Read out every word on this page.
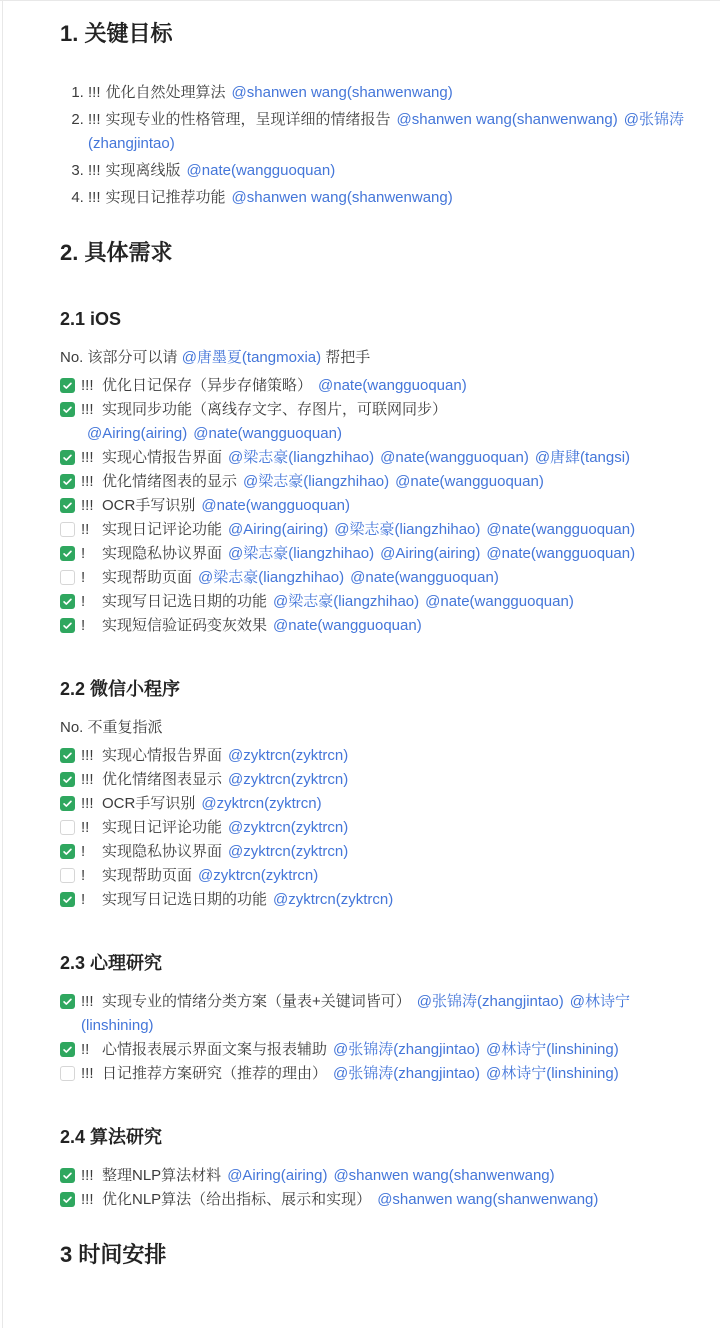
1. 关键目标
1. !!! 优化自然处理算法 @shanwen wang(shanwenwang)
2. !!! 实现专业的性格管理，呈现详细的情绪报告 @shanwen wang(shanwenwang) @张锦涛(zhangjintao)
3. !!! 实现离线版 @nate(wangguoquan)
4. !!! 实现日记推荐功能 @shanwen wang(shanwenwang)
2. 具体需求
2.1 iOS

No. 该部分可以请 @唐墨夏(tangmoxia) 帮把手

!!! 优化日记保存（异步存储策略） @nate(wangguoquan)
!!! 实现同步功能（离线存文字、存图片，可联网同步）@Airing(airing) @nate(wangguoquan)
!!! 实现心情报告界面 @梁志豪(liangzhihao) @nate(wangguoquan) @唐肆(tangsi)
!!! 优化情绪图表的显示 @梁志豪(liangzhihao) @nate(wangguoquan)
!!! OCR手写识别 @nate(wangguoquan)
!! 实现日记评论功能 @Airing(airing) @梁志豪(liangzhihao) @nate(wangguoquan)
! 实现隐私协议界面 @梁志豪(liangzhihao) @Airing(airing) @nate(wangguoquan)
! 实现帮助页面 @梁志豪(liangzhihao) @nate(wangguoquan)
! 实现写日记选日期的功能 @梁志豪(liangzhihao) @nate(wangguoquan)
! 实现短信验证码变灰效果 @nate(wangguoquan)
2.2 微信小程序

No. 不重复指派

!!! 实现心情报告界面 @zyktrcn(zyktrcn)
!!! 优化情绪图表显示 @zyktrcn(zyktrcn)
!!! OCR手写识别 @zyktrcn(zyktrcn)
!! 实现日记评论功能 @zyktrcn(zyktrcn)
! 实现隐私协议界面 @zyktrcn(zyktrcn)
! 实现帮助页面 @zyktrcn(zyktrcn)
! 实现写日记选日期的功能 @zyktrcn(zyktrcn)
2.3 心理研究
!!! 实现专业的情绪分类方案（量表+关键词皆可） @张锦涛(zhangjintao) @林诗宁(linshining)
!! 心情报表展示界面文案与报表辅助 @张锦涛(zhangjintao) @林诗宁(linshining)
!!! 日记推荐方案研究（推荐的理由） @张锦涛(zhangjintao) @林诗宁(linshining)
2.4 算法研究
!!! 整理NLP算法材料 @Airing(airing) @shanwen wang(shanwenwang)
!!! 优化NLP算法（给出指标、展示和实现） @shanwen wang(shanwenwang)
3 时间安排
